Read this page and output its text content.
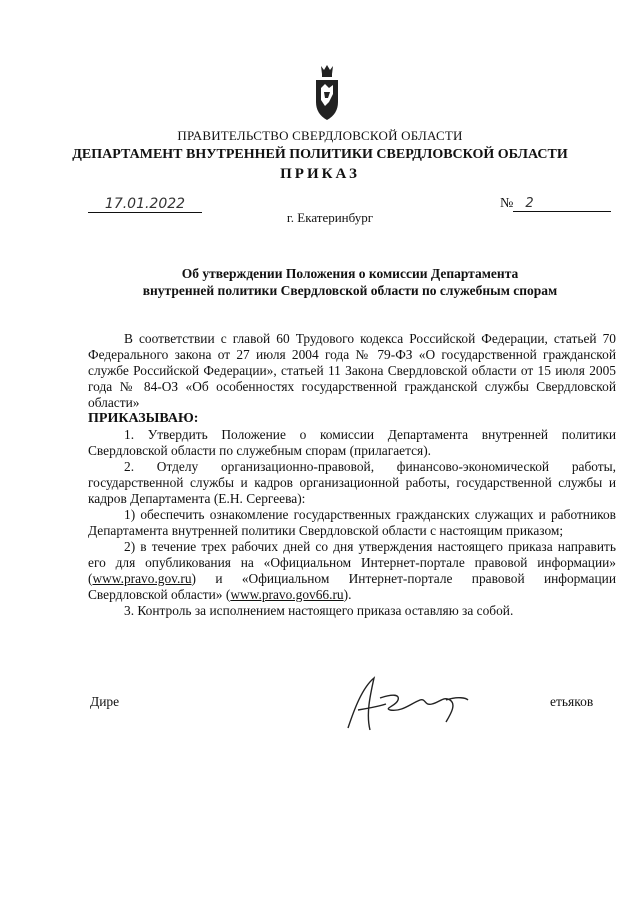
ПРАВИТЕЛЬСТВО СВЕРДЛОВСКОЙ ОБЛАСТИ
ДЕПАРТАМЕНТ ВНУТРЕННЕЙ ПОЛИТИКИ СВЕРДЛОВСКОЙ ОБЛАСТИ
ПРИКАЗ
17.01.2022	№ 2
г. Екатеринбург
Об утверждении Положения о комиссии Департамента
внутренней политики Свердловской области по служебным спорам

В соответствии с главой 60 Трудового кодекса Российской Федерации, статьей 70 Федерального закона от 27 июля 2004 года № 79-ФЗ «О государственной гражданской службе Российской Федерации», статьей 11 Закона Свердловской области от 15 июля 2005 года № 84-ОЗ «Об особенностях государственной гражданской службы Свердловской области»

ПРИКАЗЫВАЮ:

1. Утвердить Положение о комиссии Департамента внутренней политики Свердловской области по служебным спорам (прилагается).

2. Отделу организационно-правовой, финансово-экономической работы, государственной службы и кадров организационной работы, государственной службы и кадров Департамента (Е.Н. Сергеева):

1) обеспечить ознакомление государственных гражданских служащих и работников Департамента внутренней политики Свердловской области с настоящим приказом;

2) в течение трех рабочих дней со дня утверждения настоящего приказа направить его для опубликования на «Официальном Интернет-портале правовой информации» (www.pravo.gov.ru) и «Официальном Интернет-портале правовой информации Свердловской области» (www.pravo.gov66.ru).

3. Контроль за исполнением настоящего приказа оставляю за собой.

Дире	етьяков
